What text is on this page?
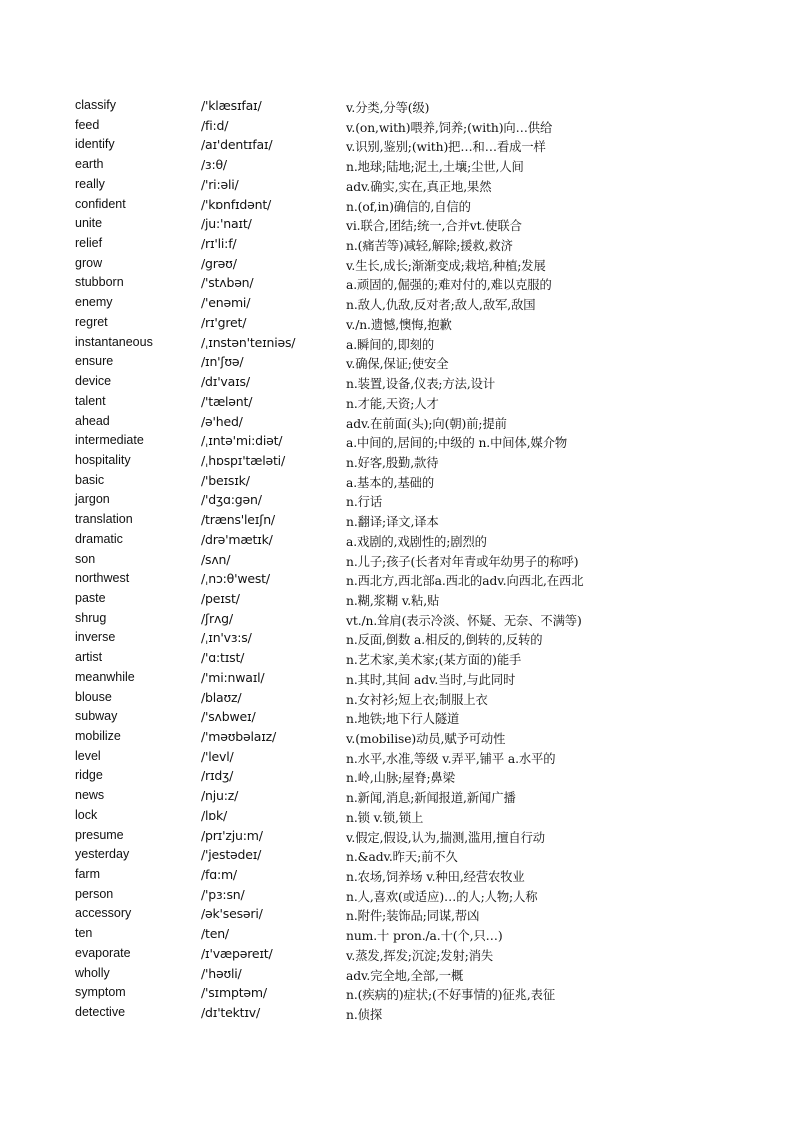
classify	/'klæsɪfaɪ/	v.分类,分等(级)
feed	/fi:d/	v.(on,with)喂养,饲养;(with)向…供给
identify	/aɪ'dentɪfaɪ/	v.识别,鉴别;(with)把…和…看成一样
earth	/ɜ:θ/	n.地球;陆地;泥土,土壤;尘世,人间
really	/'ri:əli/	adv.确实,实在,真正地,果然
confident	/'kɒnfɪdənt/	n.(of,in)确信的,自信的
unite	/ju:'naɪt/	vi.联合,团结;统一,合并vt.使联合
relief	/rɪ'li:f/	n.(痛苦等)减轻,解除;援救,救济
grow	/grəʊ/	v.生长,成长;渐渐变成;栽培,种植;发展
stubborn	/'stʌbən/	a.顽固的,倔强的;难对付的,难以克服的
enemy	/'enəmi/	n.敌人,仇敌,反对者;敌人,敌军,敌国
regret	/rɪ'gret/	v./n.遗憾,懊悔,抱歉
instantaneous	/ˌɪnstən'teɪniəs/	a.瞬间的,即刻的
ensure	/ɪn'ʃʊə/	v.确保,保证;使安全
device	/dɪ'vaɪs/	n.装置,设备,仪表;方法,设计
talent	/'tælənt/	n.才能,天资;人才
ahead	/ə'hed/	adv.在前面(头);向(朝)前;提前
intermediate	/ˌɪntə'mi:diət/	a.中间的,居间的;中级的 n.中间体,媒介物
hospitality	/ˌhɒspɪ'tæləti/	n.好客,殷勤,款待
basic	/'beɪsɪk/	a.基本的,基础的
jargon	/'dʒɑ:gən/	n.行话
translation	/træns'leɪʃn/	n.翻译;译文,译本
dramatic	/drə'mætɪk/	a.戏剧的,戏剧性的;剧烈的
son	/sʌn/	n.儿子;孩子(长者对年青或年幼男子的称呼)
northwest	/ˌnɔ:θ'west/	n.西北方,西北部a.西北的adv.向西北,在西北
paste	/peɪst/	n.糊,浆糊 v.粘,贴
shrug	/ʃrʌg/	vt./n.耸肩(表示冷淡、怀疑、无奈、不满等)
inverse	/ˌɪn'vɜ:s/	n.反面,倒数 a.相反的,倒转的,反转的
artist	/'ɑ:tɪst/	n.艺术家,美术家;(某方面的)能手
meanwhile	/'mi:nwaɪl/	n.其时,其间 adv.当时,与此同时
blouse	/blaʊz/	n.女衬衫;短上衣;制服上衣
subway	/'sʌbweɪ/	n.地铁;地下行人隧道
mobilize	/'məʊbəlaɪz/	v.(mobilise)动员,赋予可动性
level	/'levl/	n.水平,水准,等级 v.弄平,铺平 a.水平的
ridge	/rɪdʒ/	n.岭,山脉;屋脊;鼻梁
news	/nju:z/	n.新闻,消息;新闻报道,新闻广播
lock	/lɒk/	n.锁 v.锁,锁上
presume	/prɪ'zju:m/	v.假定,假设,认为,揣测,滥用,擅自行动
yesterday	/'jestədeɪ/	n.&adv.昨天;前不久
farm	/fɑ:m/	n.农场,饲养场 v.种田,经营农牧业
person	/'pɜ:sn/	n.人,喜欢(或适应)…的人;人物;人称
accessory	/ək'sesəri/	n.附件;装饰品;同谋,帮凶
ten	/ten/	num.十 pron./a.十(个,只…)
evaporate	/ɪ'væpəreɪt/	v.蒸发,挥发;沉淀;发射;消失
wholly	/'həʊli/	adv.完全地,全部,一概
symptom	/'sɪmptəm/	n.(疾病的)症状;(不好事情的)征兆,表征
detective	/dɪ'tektɪv/	n.侦探
